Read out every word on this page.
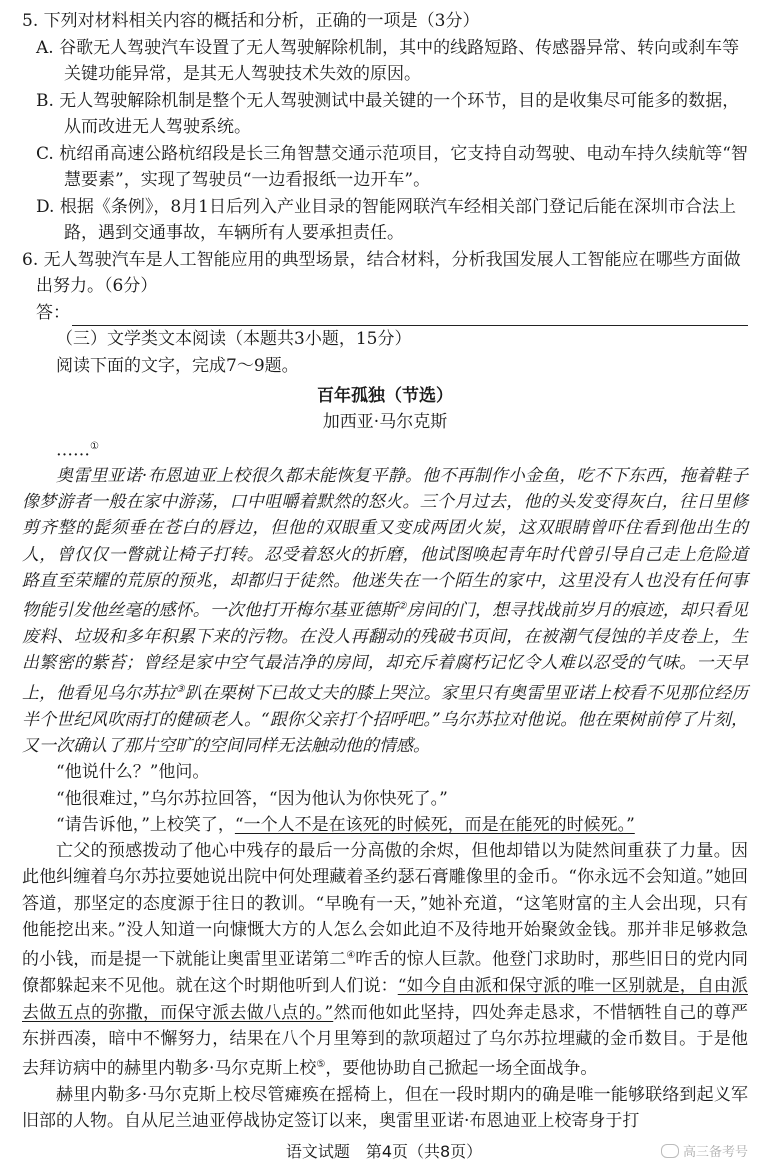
5. 下列对材料相关内容的概括和分析，正确的一项是（3分）

A. 谷歌无人驾驶汽车设置了无人驾驶解除机制，其中的线路短路、传感器异常、转向或刹车等关键功能异常，是其无人驾驶技术失效的原因。

B. 无人驾驶解除机制是整个无人驾驶测试中最关键的一个环节，目的是收集尽可能多的数据，从而改进无人驾驶系统。

C. 杭绍甬高速公路杭绍段是长三角智慧交通示范项目，它支持自动驾驶、电动车持久续航等“智慧要素”，实现了驾驶员“一边看报纸一边开车”。

D. 根据《条例》，8月1日后列入产业目录的智能网联汽车经相关部门登记后能在深圳市合法上路，遇到交通事故，车辆所有人要承担责任。

6. 无人驾驶汽车是人工智能应用的典型场景，结合材料，分析我国发展人工智能应在哪些方面做出努力。（6分）

答：

（三）文学类文本阅读（本题共3小题，15分）

阅读下面的文字，完成7～9题。

百年孤独（节选）

加西亚·马尔克斯

……①

奥雷里亚诺·布恩迪亚上校很久都未能恢复平静。他不再制作小金鱼，吃不下东西，拖着鞋子像梦游者一般在家中游荡，口中咀嚼着默然的怒火。三个月过去，他的头发变得灰白，往日里修剪齐整的髭须垂在苍白的唇边，但他的双眼重又变成两团火炭，这双眼睛曾吓住看到他出生的人，曾仅仅一瞥就让椅子打转。忍受着怒火的折磨，他试图唤起青年时代曾引导自己走上危险道路直至荣耀的荒原的预兆，却都归于徒然。他迷失在一个陌生的家中，这里没有人也没有任何事物能引发他丝毫的感怀。一次他打开梅尔基亚德斯②房间的门，想寻找战前岁月的痕迹，却只看见废料、垃圾和多年积累下来的污物。在没人再翻动的残破书页间，在被潮气侵蚀的羊皮卷上，生出繁密的紫苔；曾经是家中空气最洁净的房间，却充斥着腐朽记忆令人难以忍受的气味。一天早上，他看见乌尔苏拉③趴在栗树下已故丈夫的膝上哭泣。家里只有奥雷里亚诺上校看不见那位经历半个世纪风吹雨打的健硕老人。“跟你父亲打个招呼吧。”乌尔苏拉对他说。他在栗树前停了片刻，又一次确认了那片空旷的空间同样无法触动他的情感。

“他说什么？”他问。

“他很难过，”乌尔苏拉回答，“因为他认为你快死了。”

“请告诉他，”上校笑了，“一个人不是在该死的时候死，而是在能死的时候死。”

亡父的预感拨动了他心中残存的最后一分高傲的余烬，但他却错以为陡然间重获了力量。因此他纠缠着乌尔苏拉要她说出院中何处理藏着圣约瑟石膏雕像里的金币。“你永远不会知道。”她回答道，那坚定的态度源于往日的教训。“早晚有一天，”她补充道，“这笔财富的主人会出现，只有他能挖出来。”没人知道一向慷慨大方的人怎么会如此迫不及待地开始聚敛金钱。那并非足够救急的小钱，而是提一下就能让奥雷里亚诺第二④咋舌的惊人巨款。他登门求助时，那些旧日的党内同僚都躲起来不见他。就在这个时期他听到人们说：“如今自由派和保守派的唯一区别就是，自由派去做五点的弥撒，而保守派去做八点的。”然而他如此坚持，四处奔走恳求，不惜牺牲自己的尊严东拼西凑，暗中不懈努力，结果在八个月里筹到的款项超过了乌尔苏拉埋藏的金币数目。于是他去拜访病中的赫里内勒多·马尔克斯上校⑤，要他协助自己掀起一场全面战争。

赫里内勒多·马尔克斯上校尽管瘫痪在摇椅上，但在一段时期内的确是唯一能够联络到起义军旧部的人物。自从尼兰迪亚停战协定签订以来，奥雷里亚诺·布恩迪亚上校寄身于打

语文试题　第4页（共8页）	高三备考号
